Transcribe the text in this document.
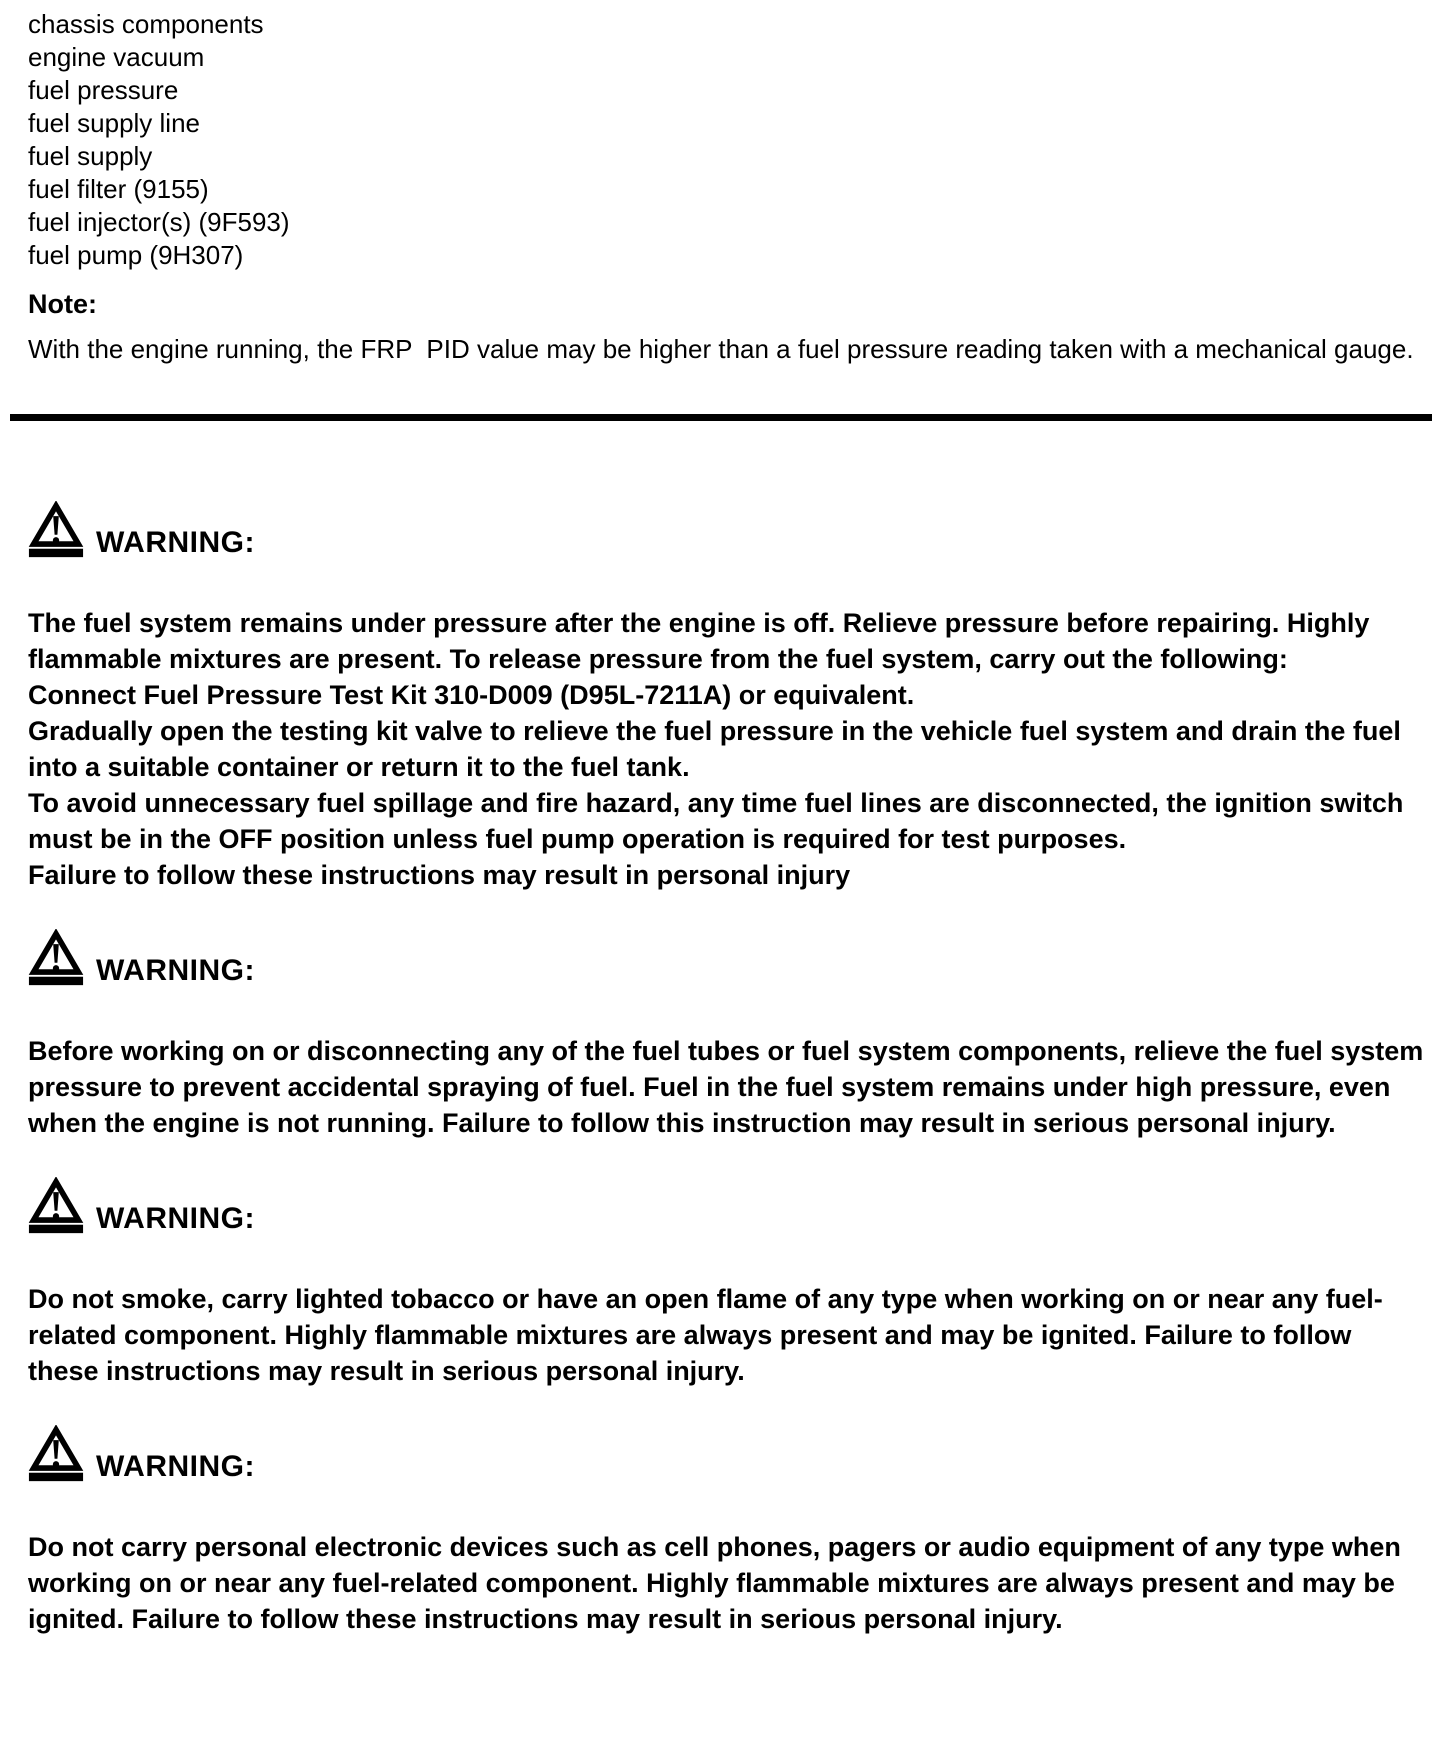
chassis components
engine vacuum
fuel pressure
fuel supply line
fuel supply
fuel filter (9155)
fuel injector(s) (9F593)
fuel pump (9H307)
Note:
With the engine running, the FRP  PID value may be higher than a fuel pressure reading taken with a mechanical gauge.
WARNING:

The fuel system remains under pressure after the engine is off. Relieve pressure before repairing. Highly flammable mixtures are present. To release pressure from the fuel system, carry out the following:

Connect Fuel Pressure Test Kit 310-D009 (D95L-7211A) or equivalent.

Gradually open the testing kit valve to relieve the fuel pressure in the vehicle fuel system and drain the fuel into a suitable container or return it to the fuel tank.

To avoid unnecessary fuel spillage and fire hazard, any time fuel lines are disconnected, the ignition switch must be in the OFF position unless fuel pump operation is required for test purposes.

Failure to follow these instructions may result in personal injury

WARNING:

Before working on or disconnecting any of the fuel tubes or fuel system components, relieve the fuel system pressure to prevent accidental spraying of fuel. Fuel in the fuel system remains under high pressure, even when the engine is not running. Failure to follow this instruction may result in serious personal injury.

WARNING:

Do not smoke, carry lighted tobacco or have an open flame of any type when working on or near any fuel-related component. Highly flammable mixtures are always present and may be ignited. Failure to follow these instructions may result in serious personal injury.

WARNING:

Do not carry personal electronic devices such as cell phones, pagers or audio equipment of any type when working on or near any fuel-related component. Highly flammable mixtures are always present and may be ignited. Failure to follow these instructions may result in serious personal injury.
